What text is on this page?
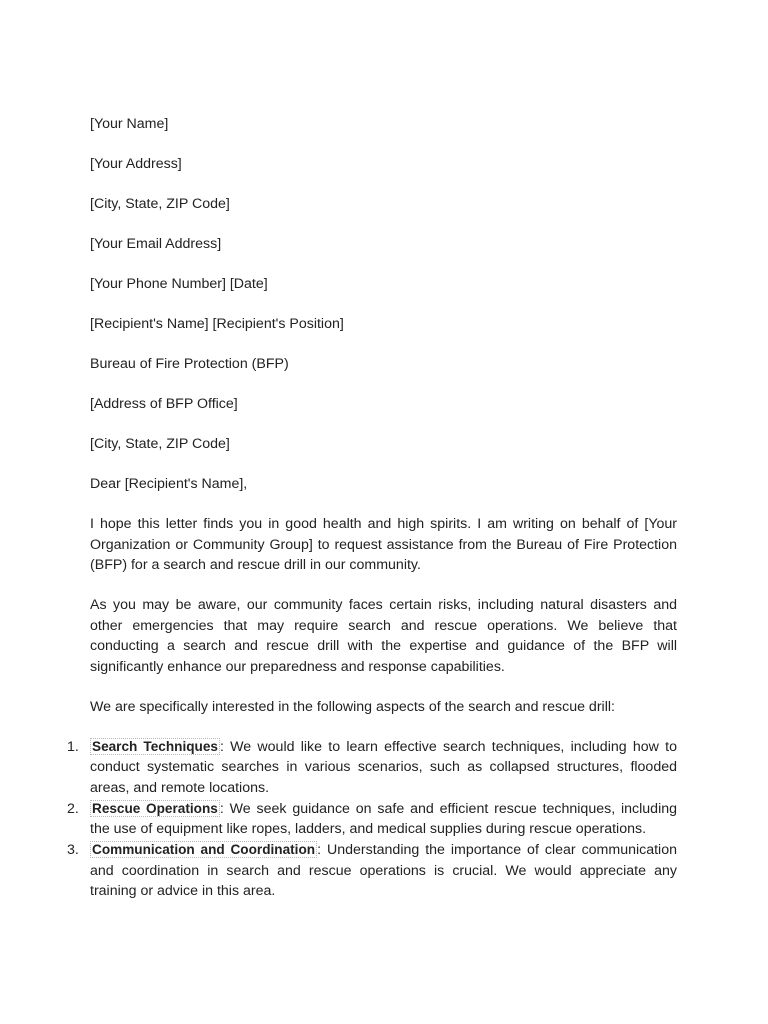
[Your Name]
[Your Address]
[City, State, ZIP Code]
[Your Email Address]
[Your Phone Number] [Date]
[Recipient's Name] [Recipient's Position]
Bureau of Fire Protection (BFP)
[Address of BFP Office]
[City, State, ZIP Code]
Dear [Recipient's Name],

I hope this letter finds you in good health and high spirits. I am writing on behalf of [Your Organization or Community Group] to request assistance from the Bureau of Fire Protection (BFP) for a search and rescue drill in our community.

As you may be aware, our community faces certain risks, including natural disasters and other emergencies that may require search and rescue operations. We believe that conducting a search and rescue drill with the expertise and guidance of the BFP will significantly enhance our preparedness and response capabilities.

We are specifically interested in the following aspects of the search and rescue drill:

1. Search Techniques : We would like to learn effective search techniques, including how to conduct systematic searches in various scenarios, such as collapsed structures, flooded areas, and remote locations.
2. Rescue Operations : We seek guidance on safe and efficient rescue techniques, including the use of equipment like ropes, ladders, and medical supplies during rescue operations.
3. Communication and Coordination : Understanding the importance of clear communication and coordination in search and rescue operations is crucial. We would appreciate any training or advice in this area.
